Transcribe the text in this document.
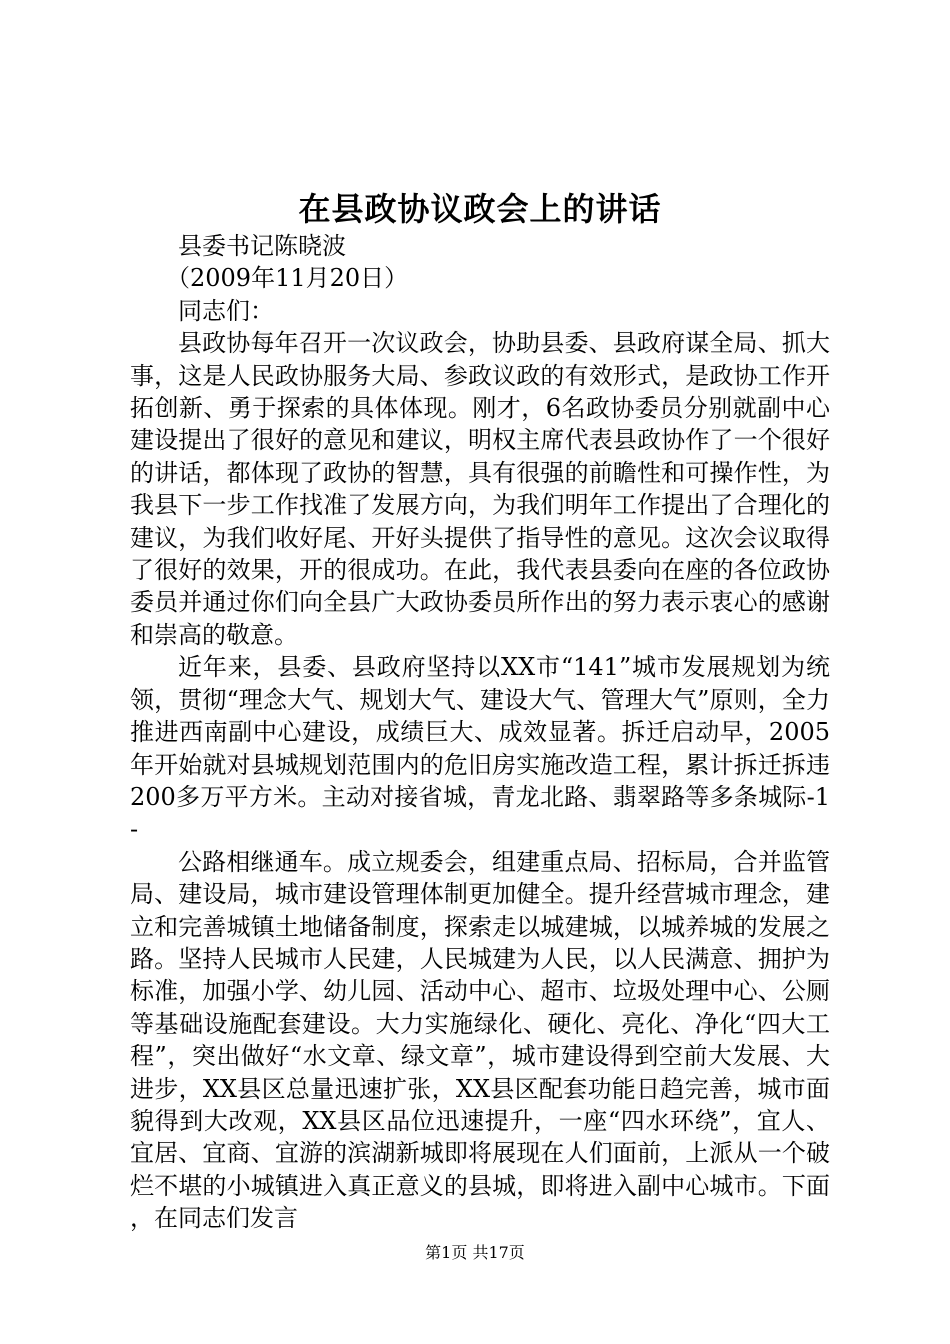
在县政协议政会上的讲话

县委书记陈晓波

（2009年11月20日）

同志们：

县政协每年召开一次议政会，协助县委、县政府谋全局、抓大事，这是人民政协服务大局、参政议政的有效形式，是政协工作开拓创新、勇于探索的具体体现。刚才，6名政协委员分别就副中心建设提出了很好的意见和建议，明权主席代表县政协作了一个很好的讲话，都体现了政协的智慧，具有很强的前瞻性和可操作性，为我县下一步工作找准了发展方向，为我们明年工作提出了合理化的建议，为我们收好尾、开好头提供了指导性的意见。这次会议取得了很好的效果，开的很成功。在此，我代表县委向在座的各位政协委员并通过你们向全县广大政协委员所作出的努力表示衷心的感谢和崇高的敬意。

近年来，县委、县政府坚持以XX市“141”城市发展规划为统领，贯彻“理念大气、规划大气、建设大气、管理大气”原则，全力推进西南副中心建设，成绩巨大、成效显著。拆迁启动早，2005年开始就对县城规划范围内的危旧房实施改造工程，累计拆迁拆违200多万平方米。主动对接省城，青龙北路、翡翠路等多条城际-1-

公路相继通车。成立规委会，组建重点局、招标局，合并监管局、建设局，城市建设管理体制更加健全。提升经营城市理念，建立和完善城镇土地储备制度，探索走以城建城，以城养城的发展之路。坚持人民城市人民建，人民城建为人民，以人民满意、拥护为标准，加强小学、幼儿园、活动中心、超市、垃圾处理中心、公厕等基础设施配套建设。大力实施绿化、硬化、亮化、净化“四大工程”，突出做好“水文章、绿文章”，城市建设得到空前大发展、大进步，XX县区总量迅速扩张，XX县区配套功能日趋完善，城市面貌得到大改观，XX县区品位迅速提升，一座“四水环绕”，宜人、宜居、宜商、宜游的滨湖新城即将展现在人们面前，上派从一个破烂不堪的小城镇进入真正意义的县城，即将进入副中心城市。下面，在同志们发言

第1页 共17页
